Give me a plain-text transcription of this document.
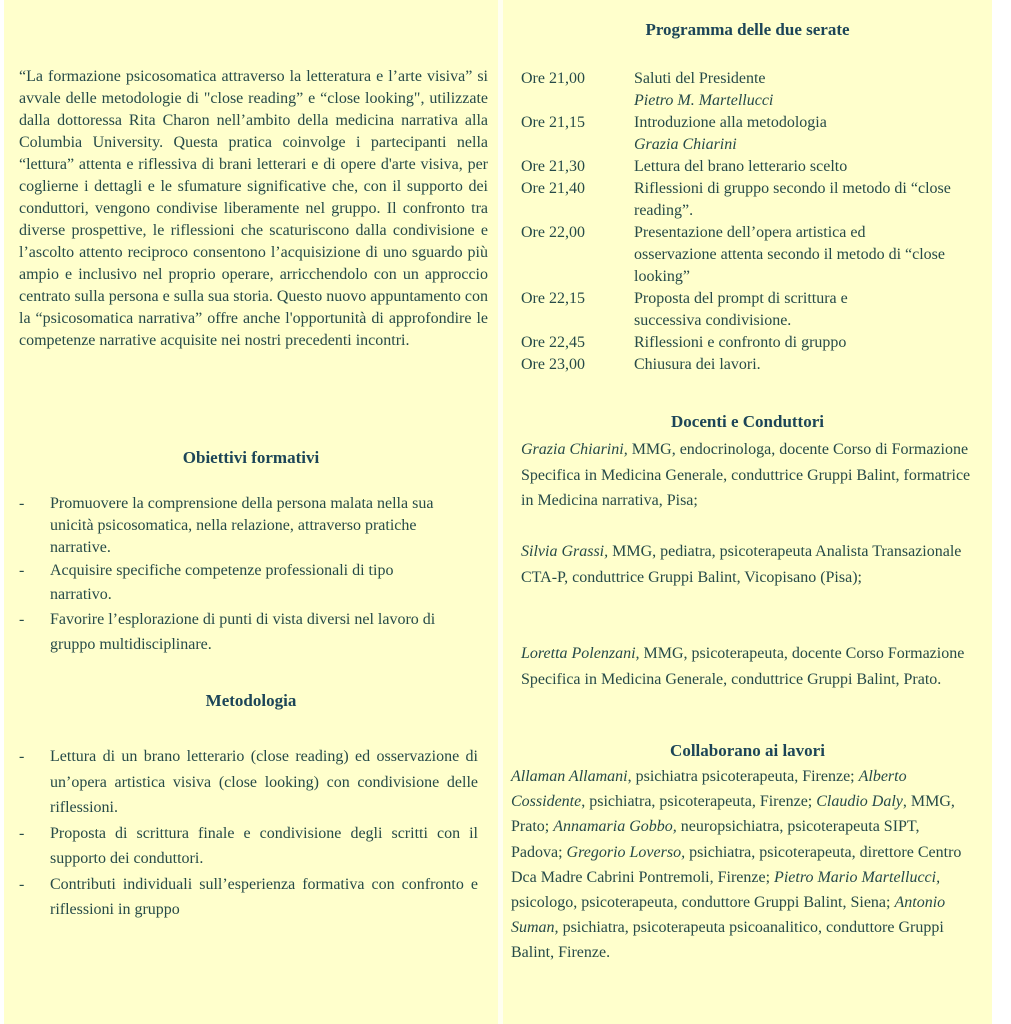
“La formazione psicosomatica attraverso la letteratura e l’arte visiva” si avvale delle metodologie di "close reading” e “close looking", utilizzate dalla dottoressa Rita Charon nell’ambito della medicina narrativa alla Columbia University. Questa pratica coinvolge i partecipanti nella “lettura” attenta e riflessiva di brani letterari e di opere d'arte visiva, per coglierne i dettagli e le sfumature significative che, con il supporto dei conduttori, vengono condivise liberamente nel gruppo. Il confronto tra diverse prospettive, le riflessioni che scaturiscono dalla condivisione e l’ascolto attento reciproco consentono l’acquisizione di uno sguardo più ampio e inclusivo nel proprio operare, arricchendolo con un approccio centrato sulla persona e sulla sua storia. Questo nuovo appuntamento con la “psicosomatica narrativa” offre anche l'opportunità di approfondire le competenze narrative acquisite nei nostri precedenti incontri.

Obiettivi formativi
- Promuovere la comprensione della persona malata nella sua unicità psicosomatica, nella relazione, attraverso pratiche narrative.
- Acquisire specifiche competenze professionali di tipo narrativo.
- Favorire l’esplorazione di punti di vista diversi nel lavoro di gruppo multidisciplinare.
Metodologia
- Lettura di un brano letterario (close reading) ed osservazione di un’opera artistica visiva (close looking) con condivisione delle riflessioni.
- Proposta di scrittura finale e condivisione degli scritti con il supporto dei conduttori.
- Contributi individuali sull’esperienza formativa con confronto e riflessioni in gruppo
Programma delle due serate
Ore 21,00	Saluti del Presidente
Pietro M. Martellucci
Ore 21,15	Introduzione alla metodologia
Grazia Chiarini
Ore 21,30	Lettura del brano letterario scelto
Ore 21,40	Riflessioni di gruppo secondo il metodo di “close reading”.
Ore 22,00	Presentazione dell’opera artistica ed osservazione attenta secondo il metodo di “close looking”
Ore 22,15	Proposta del prompt di scrittura e successiva condivisione.
Ore 22,45	Riflessioni e confronto di gruppo
Ore 23,00	Chiusura dei lavori.
Docenti e Conduttori

Grazia Chiarini, MMG, endocrinologa, docente Corso di Formazione Specifica in Medicina Generale, conduttrice Gruppi Balint, formatrice in Medicina narrativa, Pisa;

Silvia Grassi, MMG, pediatra, psicoterapeuta Analista Transazionale CTA-P, conduttrice Gruppi Balint, Vicopisano (Pisa);

Loretta Polenzani, MMG, psicoterapeuta, docente Corso Formazione Specifica in Medicina Generale, conduttrice Gruppi Balint, Prato.

Collaborano ai lavori

Allaman Allamani, psichiatra psicoterapeuta, Firenze; Alberto Cossidente, psichiatra, psicoterapeuta, Firenze; Claudio Daly, MMG, Prato; Annamaria Gobbo, neuropsichiatra, psicoterapeuta SIPT, Padova; Gregorio Loverso, psichiatra, psicoterapeuta, direttore Centro Dca Madre Cabrini Pontremoli, Firenze; Pietro Mario Martellucci, psicologo, psicoterapeuta, conduttore Gruppi Balint, Siena; Antonio Suman, psichiatra, psicoterapeuta psicoanalitico, conduttore Gruppi Balint, Firenze.
